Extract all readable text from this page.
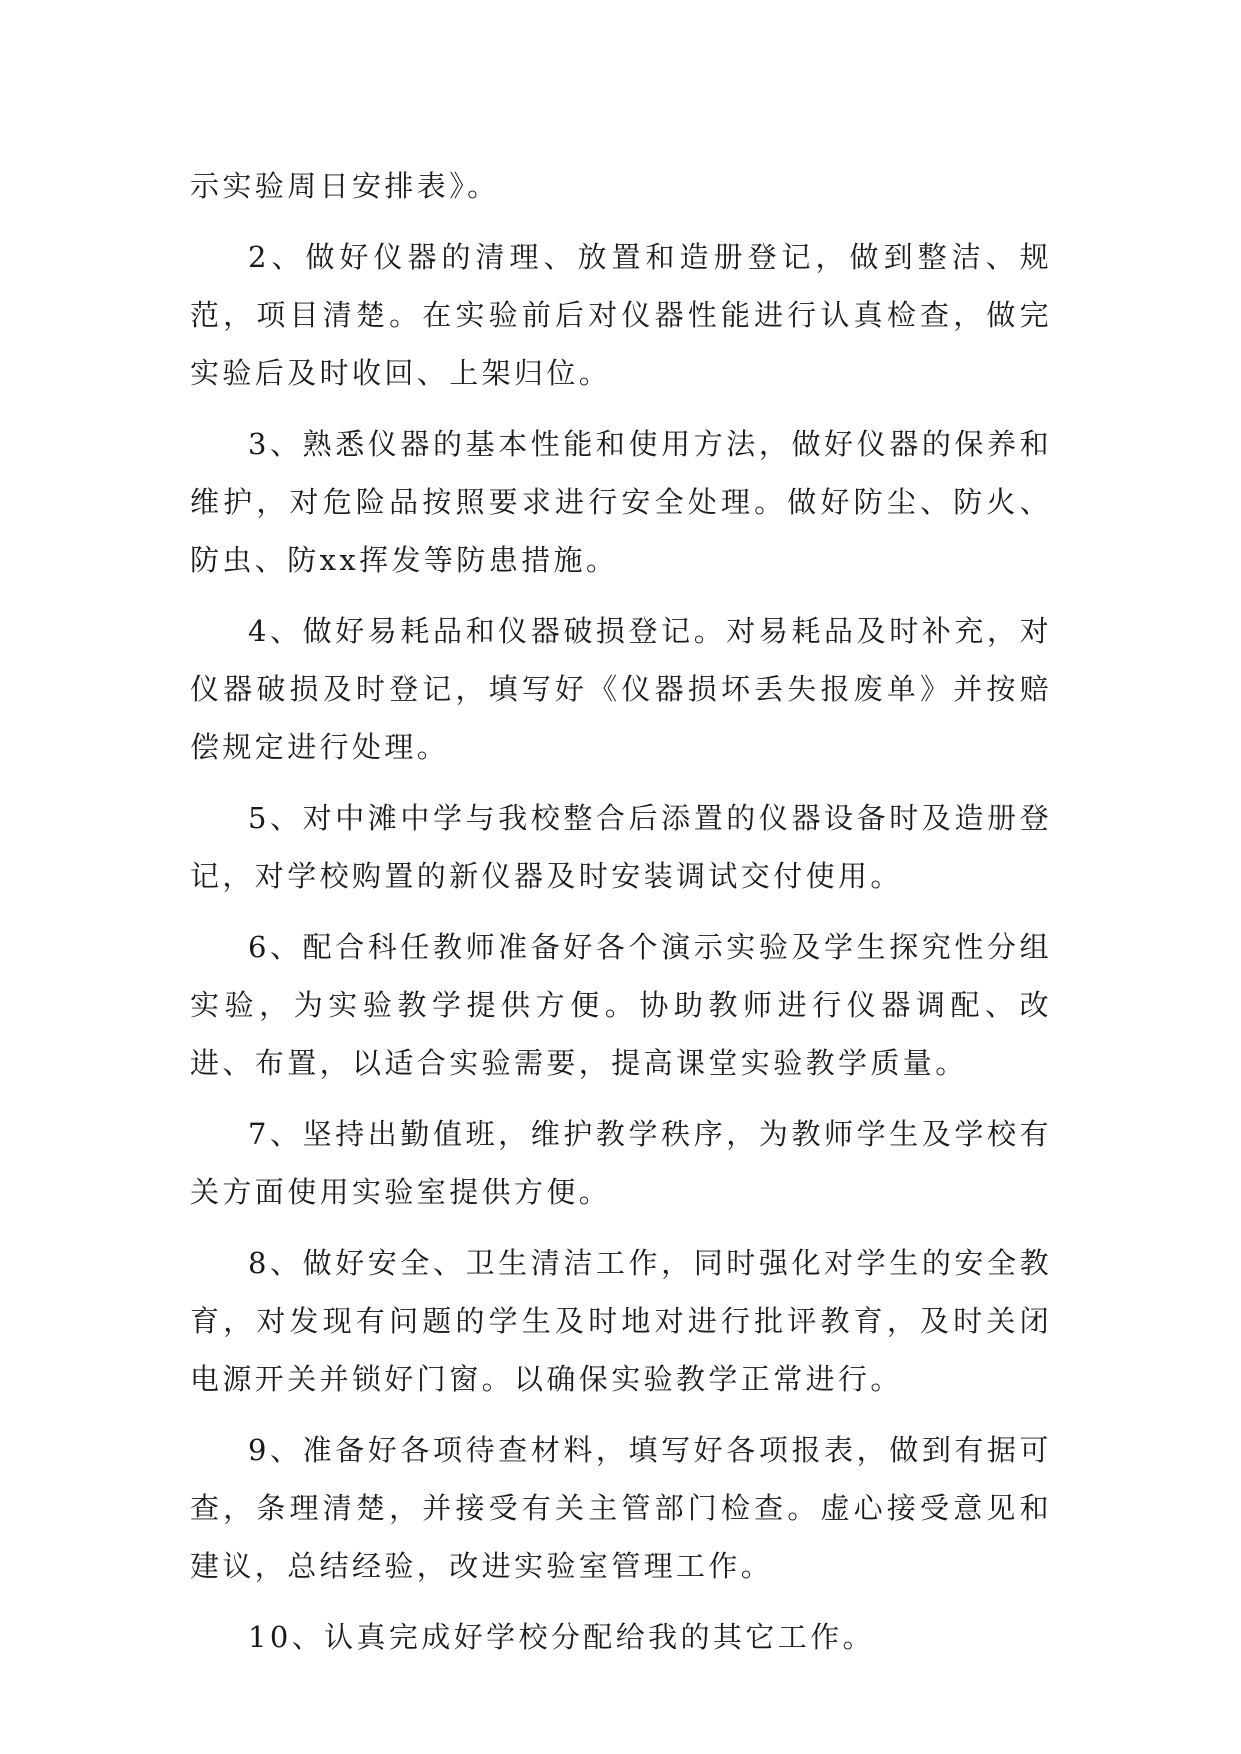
示实验周日安排表》。

2、做好仪器的清理、放置和造册登记，做到整洁、规范，项目清楚。在实验前后对仪器性能进行认真检查，做完实验后及时收回、上架归位。

3、熟悉仪器的基本性能和使用方法，做好仪器的保养和维护，对危险品按照要求进行安全处理。做好防尘、防火、防虫、防xx挥发等防患措施。

4、做好易耗品和仪器破损登记。对易耗品及时补充，对仪器破损及时登记，填写好《仪器损坏丢失报废单》并按赔偿规定进行处理。

5、对中滩中学与我校整合后添置的仪器设备时及造册登记，对学校购置的新仪器及时安装调试交付使用。

6、配合科任教师准备好各个演示实验及学生探究性分组实验，为实验教学提供方便。协助教师进行仪器调配、改进、布置，以适合实验需要，提高课堂实验教学质量。

7、坚持出勤值班，维护教学秩序，为教师学生及学校有关方面使用实验室提供方便。

8、做好安全、卫生清洁工作，同时强化对学生的安全教育，对发现有问题的学生及时地对进行批评教育，及时关闭电源开关并锁好门窗。以确保实验教学正常进行。

9、准备好各项待查材料，填写好各项报表，做到有据可查，条理清楚，并接受有关主管部门检查。虚心接受意见和建议，总结经验，改进实验室管理工作。

10、认真完成好学校分配给我的其它工作。
